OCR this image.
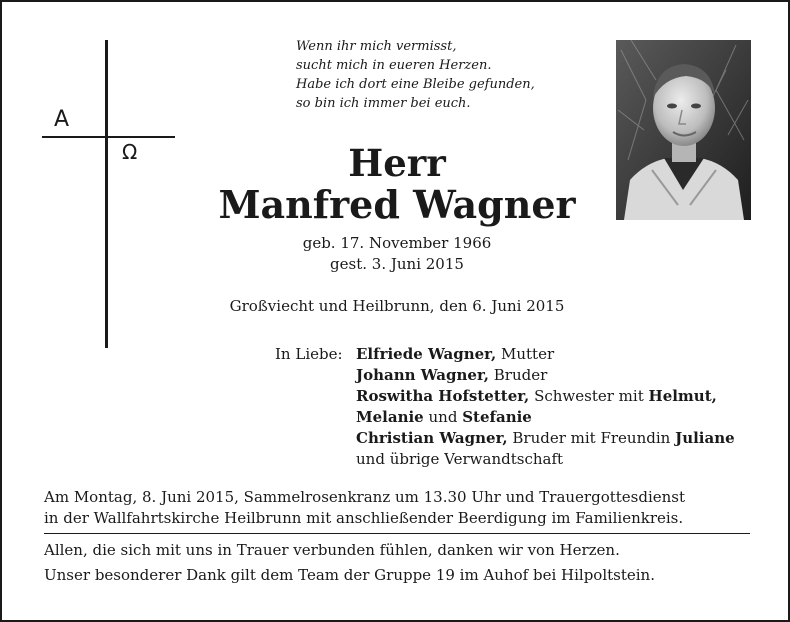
A
Ω
Wenn ihr mich vermisst,
sucht mich in eueren Herzen.
Habe ich dort eine Bleibe gefunden,
so bin ich immer bei euch.
Herr
Manfred Wagner
geb. 17. November 1966
gest. 3. Juni 2015
Großviecht und Heilbrunn, den 6. Juni 2015
In Liebe: Elfriede Wagner, Mutter
Johann Wagner, Bruder
Roswitha Hofstetter, Schwester mit Helmut,
Melanie und Stefanie
Christian Wagner, Bruder mit Freundin Juliane
und übrige Verwandtschaft
Am Montag, 8. Juni 2015, Sammelrosenkranz um 13.30 Uhr und Trauergottesdienst
in der Wallfahrtskirche Heilbrunn mit anschließender Beerdigung im Familienkreis.
Allen, die sich mit uns in Trauer verbunden fühlen, danken wir von Herzen.
Unser besonderer Dank gilt dem Team der Gruppe 19 im Auhof bei Hilpoltstein.
